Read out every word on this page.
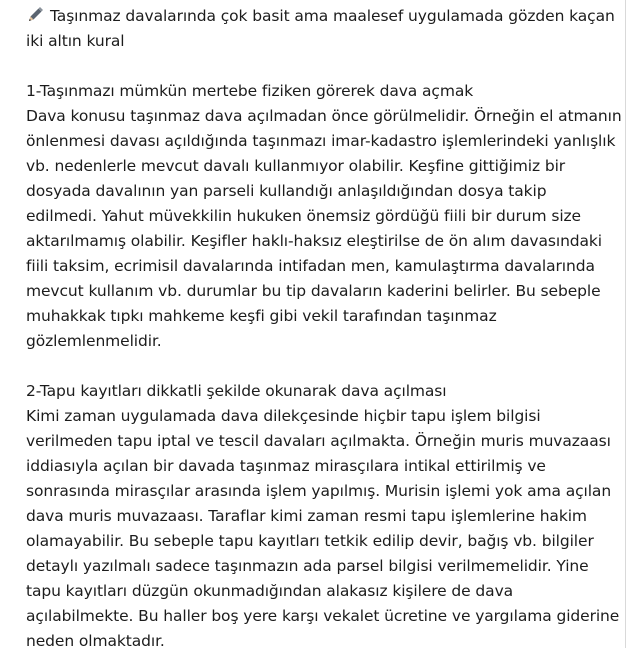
Taşınmaz davalarında çok basit ama maalesef uygulamada gözden kaçan
iki altın kural
1-Taşınmazı mümkün mertebe fiziken görerek dava açmak
Dava konusu taşınmaz dava açılmadan önce görülmelidir. Örneğin el atmanın
önlenmesi davası açıldığında taşınmazı imar-kadastro işlemlerindeki yanlışlık
vb. nedenlerle mevcut davalı kullanmıyor olabilir. Keşfine gittiğimiz bir
dosyada davalının yan parseli kullandığı anlaşıldığından dosya takip
edilmedi. Yahut müvekkilin hukuken önemsiz gördüğü fiili bir durum size
aktarılmamış olabilir. Keşifler haklı-haksız eleştirilse de ön alım davasındaki
fiili taksim, ecrimisil davalarında intifadan men, kamulaştırma davalarında
mevcut kullanım vb. durumlar bu tip davaların kaderini belirler. Bu sebeple
muhakkak tıpkı mahkeme keşfi gibi vekil tarafından taşınmaz
gözlemlenmelidir.
2-Tapu kayıtları dikkatli şekilde okunarak dava açılması
Kimi zaman uygulamada dava dilekçesinde hiçbir tapu işlem bilgisi
verilmeden tapu iptal ve tescil davaları açılmakta. Örneğin muris muvazaası
iddiasıyla açılan bir davada taşınmaz mirasçılara intikal ettirilmiş ve
sonrasında mirasçılar arasında işlem yapılmış. Murisin işlemi yok ama açılan
dava muris muvazaası. Taraflar kimi zaman resmi tapu işlemlerine hakim
olamayabilir. Bu sebeple tapu kayıtları tetkik edilip devir, bağış vb. bilgiler
detaylı yazılmalı sadece taşınmazın ada parsel bilgisi verilmemelidir. Yine
tapu kayıtları düzgün okunmadığından alakasız kişilere de dava
açılabilmekte. Bu haller boş yere karşı vekalet ücretine ve yargılama giderine
neden olmaktadır.
